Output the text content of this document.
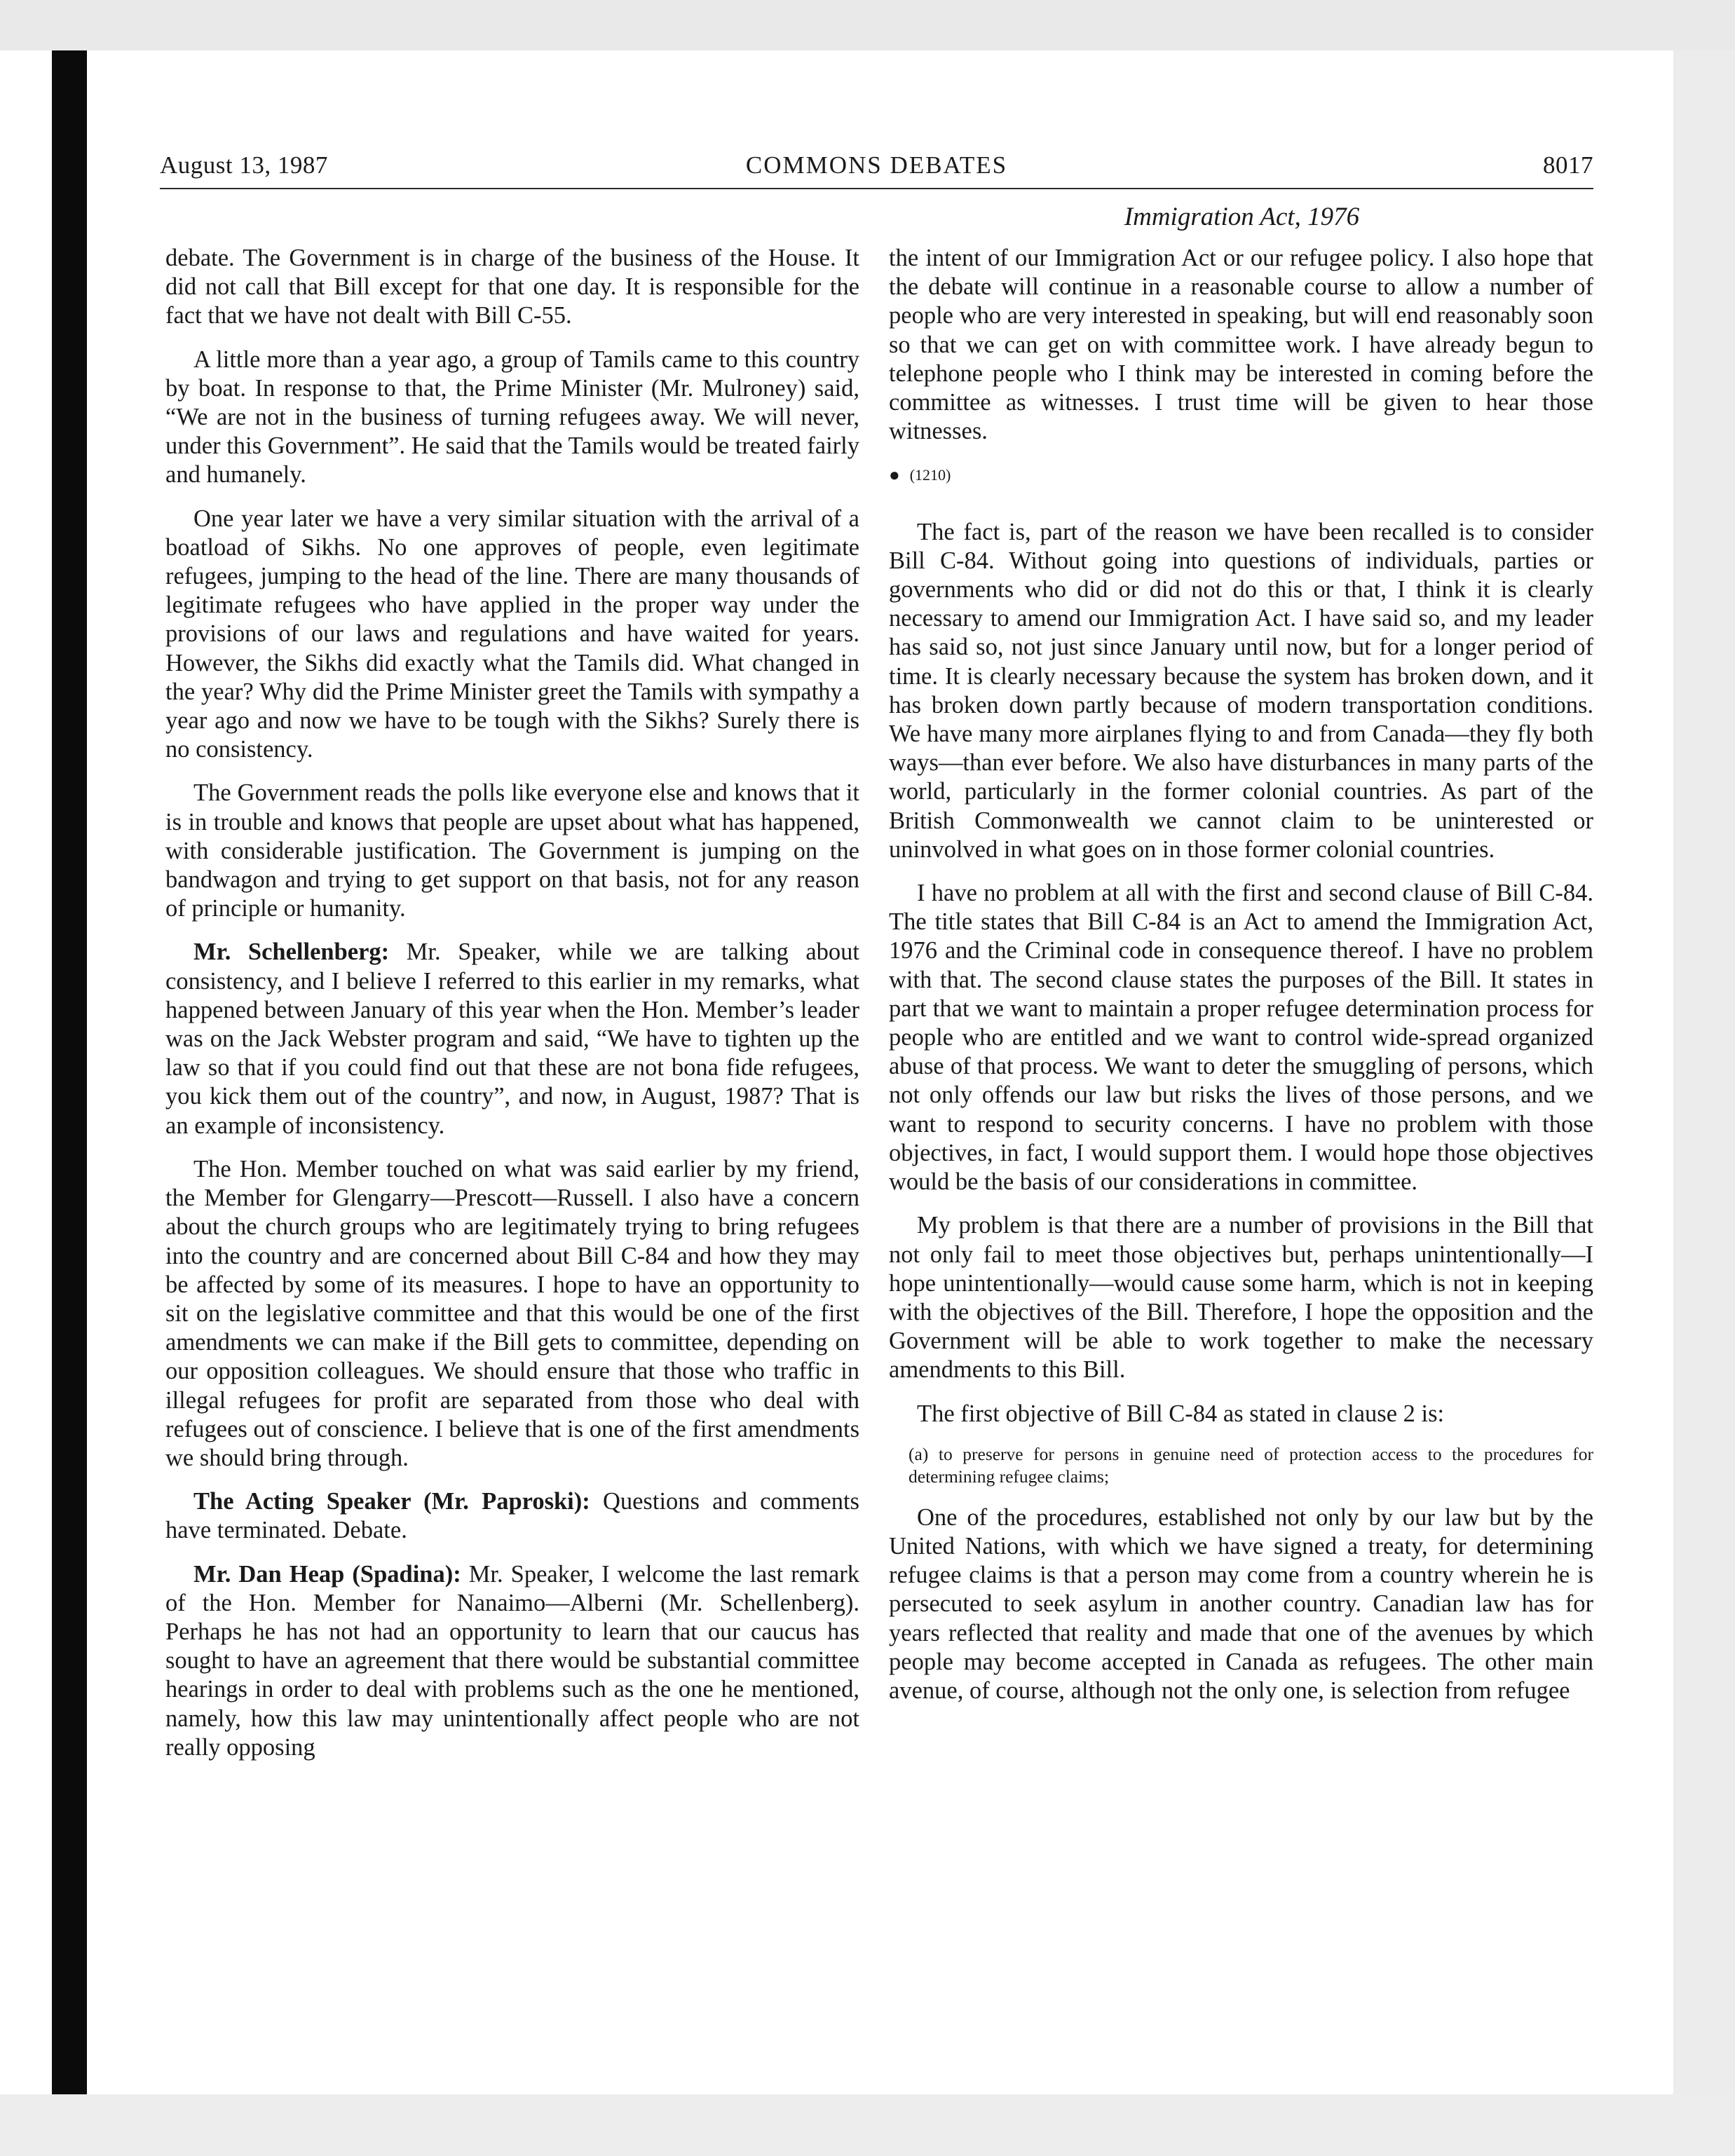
August 13, 1987	COMMONS DEBATES	8017
Immigration Act, 1976

debate. The Government is in charge of the business of the House. It did not call that Bill except for that one day. It is responsible for the fact that we have not dealt with Bill C-55.

A little more than a year ago, a group of Tamils came to this country by boat. In response to that, the Prime Minister (Mr. Mulroney) said, “We are not in the business of turning refugees away. We will never, under this Government”. He said that the Tamils would be treated fairly and humanely.

One year later we have a very similar situation with the arrival of a boatload of Sikhs. No one approves of people, even legitimate refugees, jumping to the head of the line. There are many thousands of legitimate refugees who have applied in the proper way under the provisions of our laws and regulations and have waited for years. However, the Sikhs did exactly what the Tamils did. What changed in the year? Why did the Prime Minister greet the Tamils with sympathy a year ago and now we have to be tough with the Sikhs? Surely there is no consistency.

The Government reads the polls like everyone else and knows that it is in trouble and knows that people are upset about what has happened, with considerable justification. The Government is jumping on the bandwagon and trying to get support on that basis, not for any reason of principle or humanity.

Mr. Schellenberg: Mr. Speaker, while we are talking about consistency, and I believe I referred to this earlier in my remarks, what happened between January of this year when the Hon. Member’s leader was on the Jack Webster program and said, “We have to tighten up the law so that if you could find out that these are not bona fide refugees, you kick them out of the country”, and now, in August, 1987? That is an example of inconsistency.

The Hon. Member touched on what was said earlier by my friend, the Member for Glengarry—Prescott—Russell. I also have a concern about the church groups who are legitimately trying to bring refugees into the country and are concerned about Bill C-84 and how they may be affected by some of its measures. I hope to have an opportunity to sit on the legislative committee and that this would be one of the first amendments we can make if the Bill gets to committee, depending on our opposition colleagues. We should ensure that those who traffic in illegal refugees for profit are separated from those who deal with refugees out of conscience. I believe that is one of the first amendments we should bring through.

The Acting Speaker (Mr. Paproski): Questions and comments have terminated. Debate.

Mr. Dan Heap (Spadina): Mr. Speaker, I welcome the last remark of the Hon. Member for Nanaimo—Alberni (Mr. Schellenberg). Perhaps he has not had an opportunity to learn that our caucus has sought to have an agreement that there would be substantial committee hearings in order to deal with problems such as the one he mentioned, namely, how this law may unintentionally affect people who are not really opposing

the intent of our Immigration Act or our refugee policy. I also hope that the debate will continue in a reasonable course to allow a number of people who are very interested in speaking, but will end reasonably soon so that we can get on with committee work. I have already begun to telephone people who I think may be interested in coming before the committee as witnesses. I trust time will be given to hear those witnesses.

● (1210)

The fact is, part of the reason we have been recalled is to consider Bill C-84. Without going into questions of individuals, parties or governments who did or did not do this or that, I think it is clearly necessary to amend our Immigration Act. I have said so, and my leader has said so, not just since January until now, but for a longer period of time. It is clearly necessary because the system has broken down, and it has broken down partly because of modern transportation conditions. We have many more airplanes flying to and from Canada—they fly both ways—than ever before. We also have disturbances in many parts of the world, particularly in the former colonial countries. As part of the British Commonwealth we cannot claim to be uninterested or uninvolved in what goes on in those former colonial countries.

I have no problem at all with the first and second clause of Bill C-84. The title states that Bill C-84 is an Act to amend the Immigration Act, 1976 and the Criminal code in consequence thereof. I have no problem with that. The second clause states the purposes of the Bill. It states in part that we want to maintain a proper refugee determination process for people who are entitled and we want to control wide-spread organized abuse of that process. We want to deter the smuggling of persons, which not only offends our law but risks the lives of those persons, and we want to respond to security concerns. I have no problem with those objectives, in fact, I would support them. I would hope those objectives would be the basis of our considerations in committee.

My problem is that there are a number of provisions in the Bill that not only fail to meet those objectives but, perhaps unintentionally—I hope unintentionally—would cause some harm, which is not in keeping with the objectives of the Bill. Therefore, I hope the opposition and the Government will be able to work together to make the necessary amendments to this Bill.

The first objective of Bill C-84 as stated in clause 2 is:

(a) to preserve for persons in genuine need of protection access to the procedures for determining refugee claims;

One of the procedures, established not only by our law but by the United Nations, with which we have signed a treaty, for determining refugee claims is that a person may come from a country wherein he is persecuted to seek asylum in another country. Canadian law has for years reflected that reality and made that one of the avenues by which people may become accepted in Canada as refugees. The other main avenue, of course, although not the only one, is selection from refugee
